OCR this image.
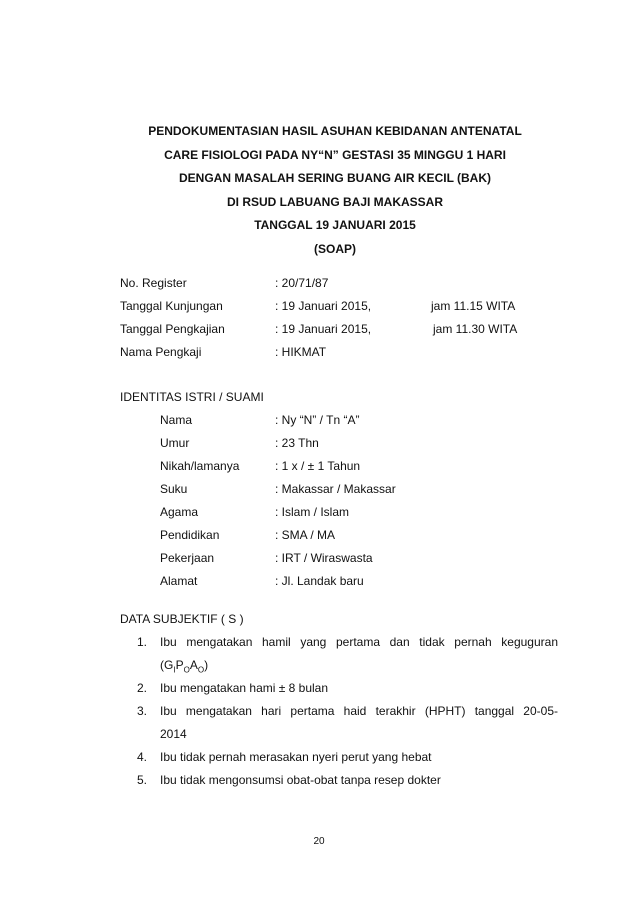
PENDOKUMENTASIAN HASIL ASUHAN KEBIDANAN ANTENATAL
CARE FISIOLOGI PADA NY“N” GESTASI 35 MINGGU 1 HARI
DENGAN MASALAH SERING BUANG AIR KECIL (BAK)
DI RSUD LABUANG BAJI MAKASSAR
TANGGAL 19 JANUARI 2015
(SOAP)
No. Register	: 20/71/87
Tanggal Kunjungan	: 19 Januari 2015,	jam 11.15 WITA
Tanggal Pengkajian	: 19 Januari 2015,	jam 11.30 WITA
Nama Pengkaji	: HIKMAT
IDENTITAS ISTRI / SUAMI
Nama	: Ny “N” / Tn “A”
Umur	: 23 Thn
Nikah/lamanya	: 1 x / ± 1 Tahun
Suku	: Makassar / Makassar
Agama	: Islam / Islam
Pendidikan	: SMA / MA
Pekerjaan	: IRT / Wiraswasta
Alamat	: Jl. Landak baru
DATA SUBJEKTIF ( S )
1. Ibu mengatakan hamil yang pertama dan tidak pernah keguguran
$(G_IP_OA_O)$
2. Ibu mengatakan hami ± 8 bulan
3. Ibu mengatakan hari pertama haid terakhir (HPHT) tanggal 20-05-
2014
4. Ibu tidak pernah merasakan nyeri perut yang hebat
5. Ibu tidak mengonsumsi obat-obat tanpa resep dokter
20
